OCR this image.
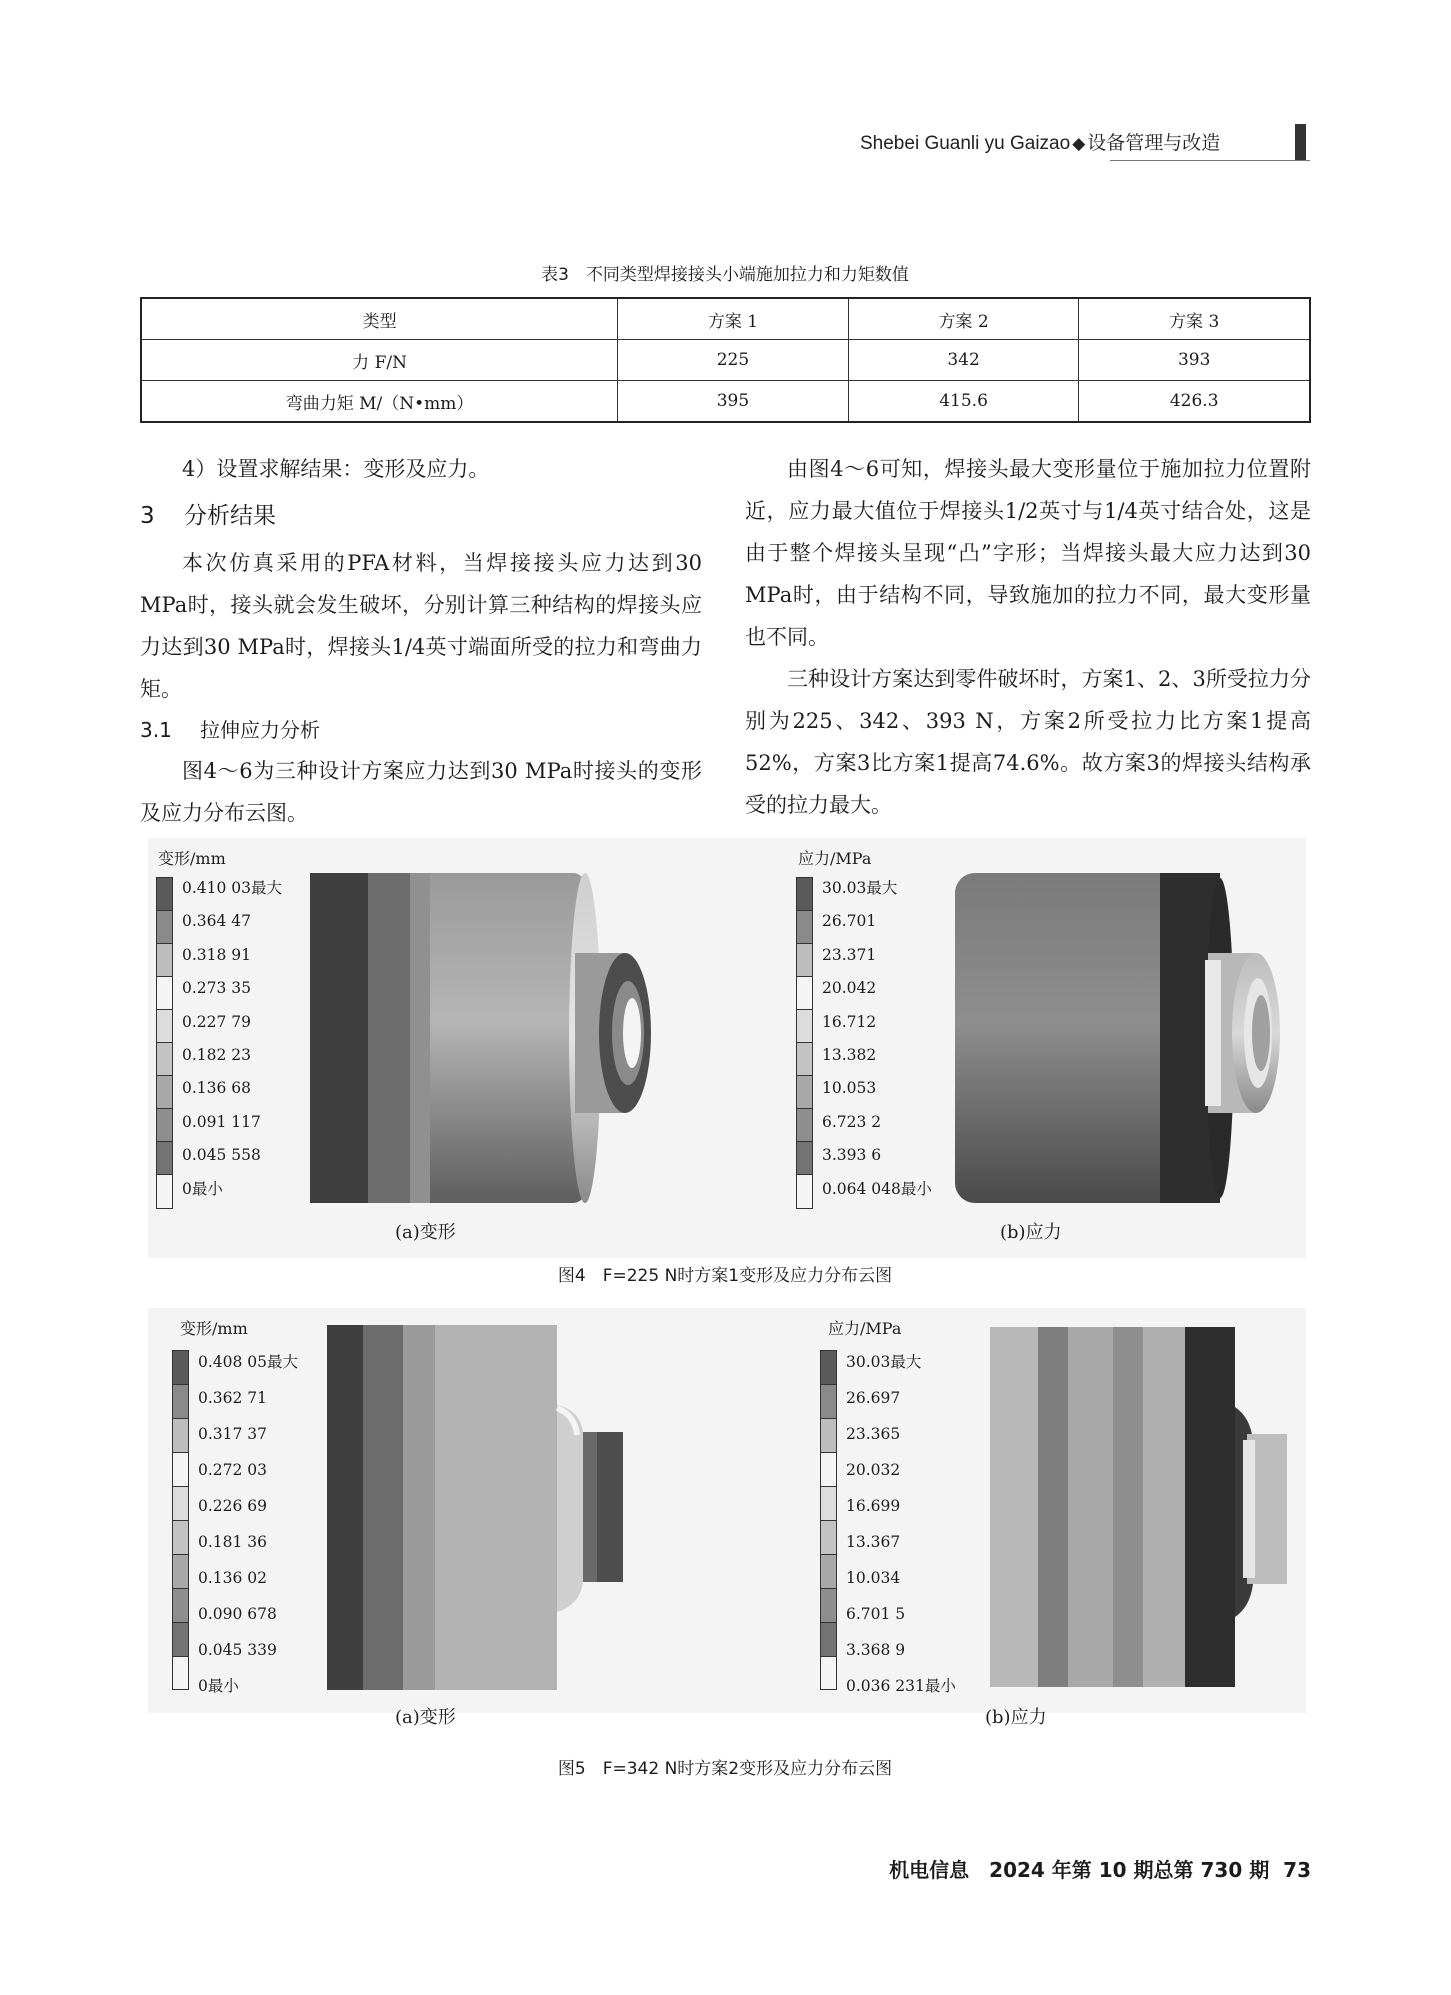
Shebei Guanli yu Gaizao ◆ 设备管理与改造
表3　不同类型焊接接头小端施加拉力和力矩数值
类型	方案 1	方案 2	方案 3
力 F/N	225	342	393
弯曲力矩 M/（N•mm）	395	415.6	426.3

4）设置求解结果：变形及应力。

3 分析结果

本次仿真采用的PFA材料，当焊接接头应力达到30 MPa时，接头就会发生破坏，分别计算三种结构的焊接头应力达到30 MPa时，焊接头1/4英寸端面所受的拉力和弯曲力矩。

3.1 拉伸应力分析

图4～6为三种设计方案应力达到30 MPa时接头的变形及应力分布云图。

由图4～6可知，焊接头最大变形量位于施加拉力位置附近，应力最大值位于焊接头1/2英寸与1/4英寸结合处，这是由于整个焊接头呈现“凸”字形；当焊接头最大应力达到30 MPa时，由于结构不同，导致施加的拉力不同，最大变形量也不同。

三种设计方案达到零件破坏时，方案1、2、3所受拉力分别为225、342、393 N，方案2所受拉力比方案1提高52%，方案3比方案1提高74.6%。故方案3的焊接头结构承受的拉力最大。

变形/mm
0.410 03最大
0.364 47
0.318 91
0.273 35
0.227 79
0.182 23
0.136 68
0.091 117
0.045 558
0最小
应力/MPa
30.03最大
26.701
23.371
20.042
16.712
13.382
10.053
6.723 2
3.393 6
0.064 048最小
(a)变形	(b)应力
图4　F=225 N时方案1变形及应力分布云图
变形/mm
0.408 05最大
0.362 71
0.317 37
0.272 03
0.226 69
0.181 36
0.136 02
0.090 678
0.045 339
0最小
应力/MPa
30.03最大
26.697
23.365
20.032
16.699
13.367
10.034
6.701 5
3.368 9
0.036 231最小
(a)变形	(b)应力
图5　F=342 N时方案2变形及应力分布云图
机电信息　2024 年第 10 期总第 730 期 73
